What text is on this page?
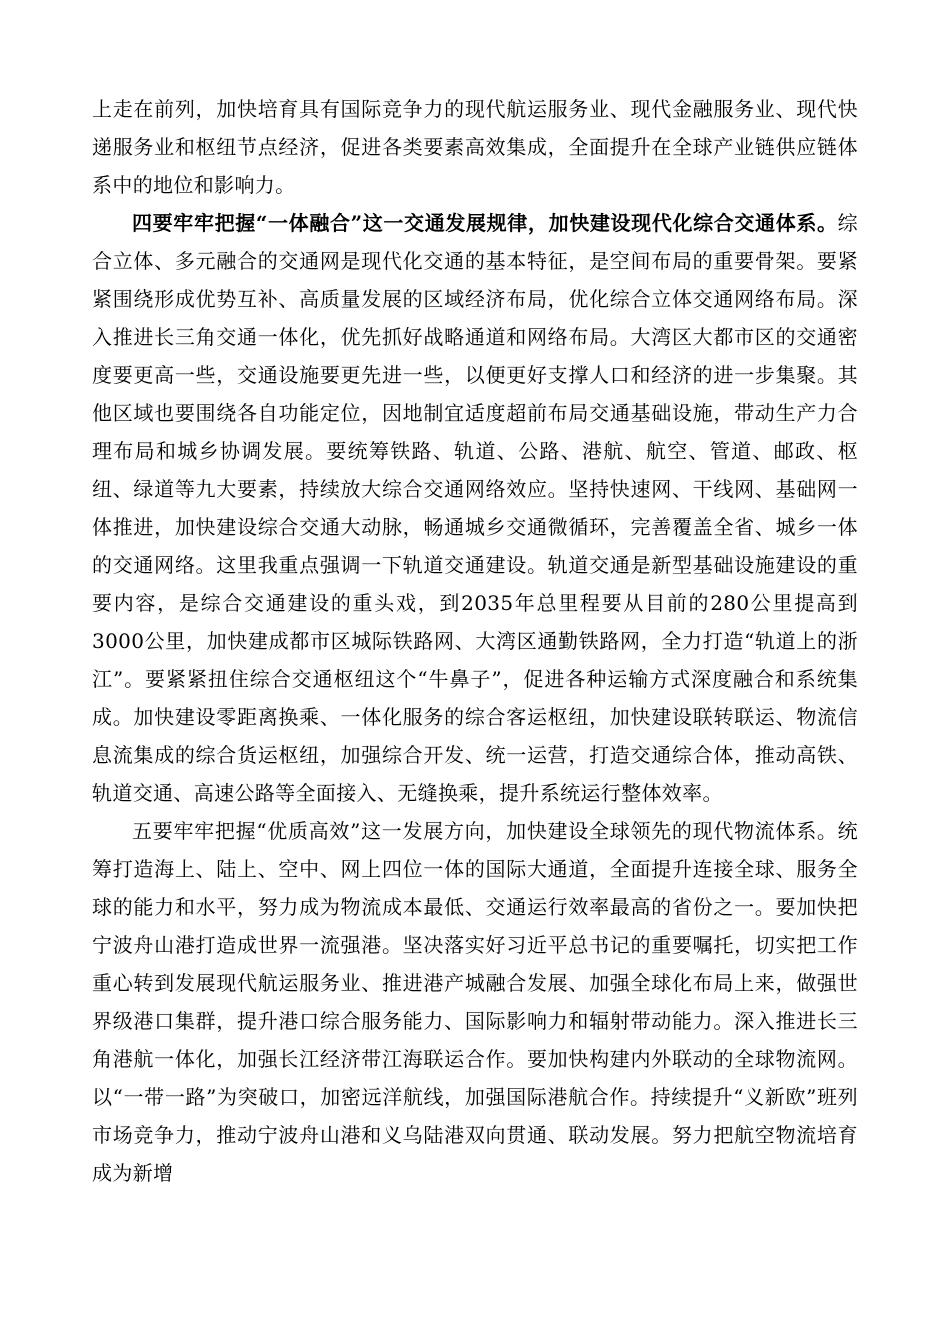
上走在前列，加快培育具有国际竞争力的现代航运服务业、现代金融服务业、现代快递服务业和枢纽节点经济，促进各类要素高效集成，全面提升在全球产业链供应链体系中的地位和影响力。

四要牢牢把握“一体融合”这一交通发展规律，加快建设现代化综合交通体系。综合立体、多元融合的交通网是现代化交通的基本特征，是空间布局的重要骨架。要紧紧围绕形成优势互补、高质量发展的区域经济布局，优化综合立体交通网络布局。深入推进长三角交通一体化，优先抓好战略通道和网络布局。大湾区大都市区的交通密度要更高一些，交通设施要更先进一些，以便更好支撑人口和经济的进一步集聚。其他区域也要围绕各自功能定位，因地制宜适度超前布局交通基础设施，带动生产力合理布局和城乡协调发展。要统筹铁路、轨道、公路、港航、航空、管道、邮政、枢纽、绿道等九大要素，持续放大综合交通网络效应。坚持快速网、干线网、基础网一体推进，加快建设综合交通大动脉，畅通城乡交通微循环，完善覆盖全省、城乡一体的交通网络。这里我重点强调一下轨道交通建设。轨道交通是新型基础设施建设的重要内容，是综合交通建设的重头戏，到2035年总里程要从目前的280公里提高到3000公里，加快建成都市区城际铁路网、大湾区通勤铁路网，全力打造“轨道上的浙江”。要紧紧扭住综合交通枢纽这个“牛鼻子”，促进各种运输方式深度融合和系统集成。加快建设零距离换乘、一体化服务的综合客运枢纽，加快建设联转联运、物流信息流集成的综合货运枢纽，加强综合开发、统一运营，打造交通综合体，推动高铁、轨道交通、高速公路等全面接入、无缝换乘，提升系统运行整体效率。

五要牢牢把握“优质高效”这一发展方向，加快建设全球领先的现代物流体系。统筹打造海上、陆上、空中、网上四位一体的国际大通道，全面提升连接全球、服务全球的能力和水平，努力成为物流成本最低、交通运行效率最高的省份之一。要加快把宁波舟山港打造成世界一流强港。坚决落实好习近平总书记的重要嘱托，切实把工作重心转到发展现代航运服务业、推进港产城融合发展、加强全球化布局上来，做强世界级港口集群，提升港口综合服务能力、国际影响力和辐射带动能力。深入推进长三角港航一体化，加强长江经济带江海联运合作。要加快构建内外联动的全球物流网。以“一带一路”为突破口，加密远洋航线，加强国际港航合作。持续提升“义新欧”班列市场竞争力，推动宁波舟山港和义乌陆港双向贯通、联动发展。努力把航空物流培育成为新增
